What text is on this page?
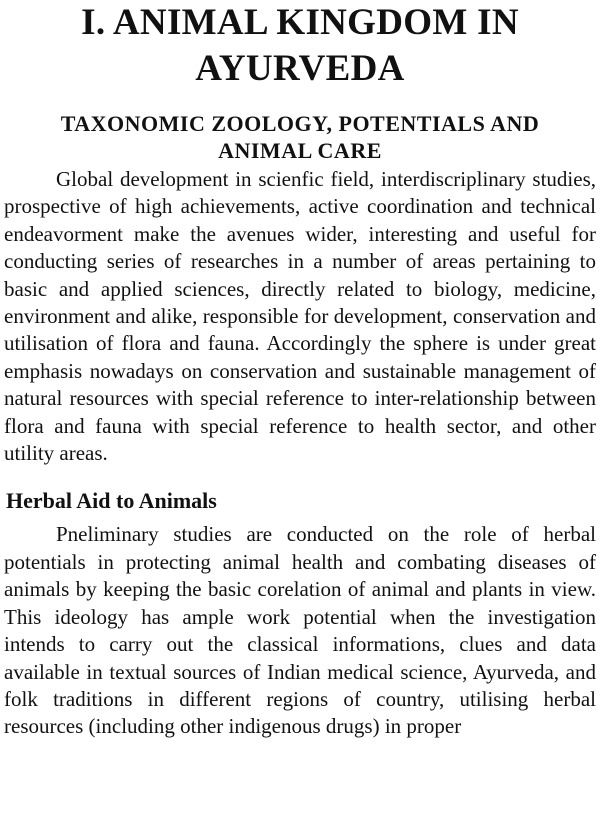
I. ANIMAL KINGDOM IN
AYURVEDA
TAXONOMIC ZOOLOGY, POTENTIALS AND
ANIMAL CARE

Global development in scienfic field, interdiscriplinary studies, prospective of high achievements, active coordination and technical endeavorment make the avenues wider, interesting and useful for conducting series of researches in a number of areas pertaining to basic and applied sciences, directly related to biology, medicine, environment and alike, responsible for development, conservation and utilisation of flora and fauna. Accordingly the sphere is under great emphasis nowadays on conservation and sustainable management of natural resources with special reference to inter-relationship between flora and fauna with special reference to health sector, and other utility areas.

Herbal Aid to Animals

Pneliminary studies are conducted on the role of herbal potentials in protecting animal health and combating diseases of animals by keeping the basic corelation of animal and plants in view. This ideology has ample work potential when the investigation intends to carry out the classical informations, clues and data available in textual sources of Indian medical science, Ayurveda, and folk traditions in different regions of country, utilising herbal resources (including other indigenous drugs) in proper
